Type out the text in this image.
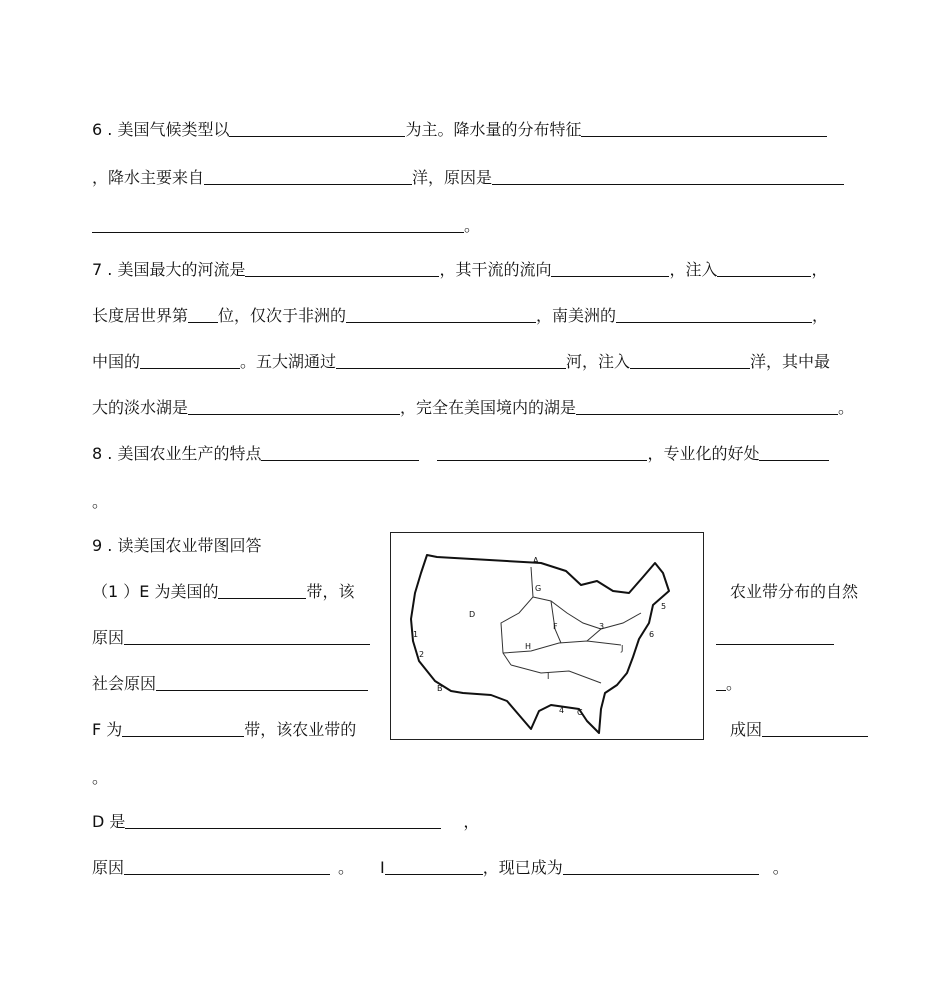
6 . 美国气候类型以	为主。降水量的分布特征
，降水主要来自	洋，原因是
。
7 . 美国最大的河流是	，其干流的流向	，注入	，
长度居世界第 位，仅次于非洲的	，南美洲的	，
中国的	。五大湖通过	河，注入	洋，其中最
大的淡水湖是	，完全在美国境内的湖是	。
8 . 美国农业生产的特点	，专业化的好处
。
9 . 读美国农业带图回答
（1 ）E 为美国的	带，该	农业带分布的自然
原因
社会原因	。
F 为	带，该农业带的	成因
。
D 是	，
原因	。 I	，现已成为	。
A
B
C
D
F
G
H
I
J
1
2
3
4
5
6
